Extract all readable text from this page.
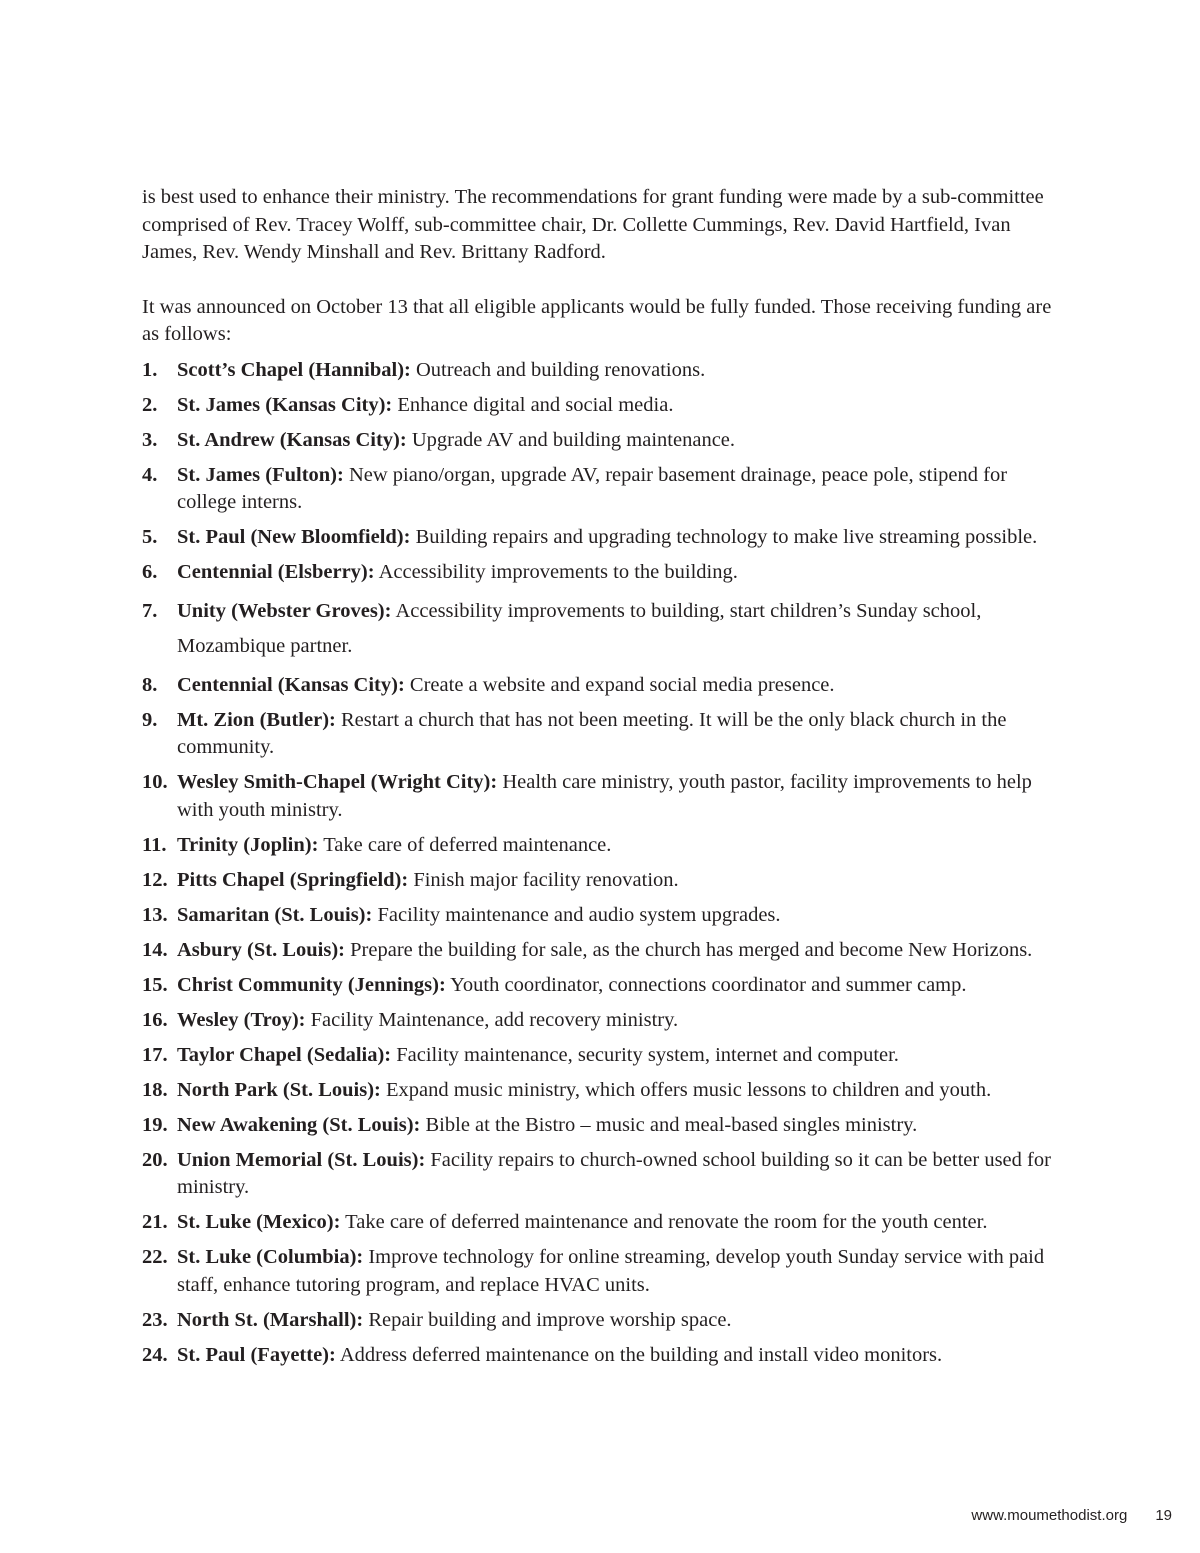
is best used to enhance their ministry. The recommendations for grant funding were made by a sub-committee comprised of Rev. Tracey Wolff, sub-committee chair, Dr. Collette Cummings, Rev. David Hartfield, Ivan James, Rev. Wendy Minshall and Rev. Brittany Radford.

It was announced on October 13 that all eligible applicants would be fully funded. Those receiving funding are as follows:

1. Scott’s Chapel (Hannibal): Outreach and building renovations.
2. St. James (Kansas City): Enhance digital and social media.
3. St. Andrew (Kansas City): Upgrade AV and building maintenance.
4. St. James (Fulton): New piano/organ, upgrade AV, repair basement drainage, peace pole, stipend for college interns.
5. St. Paul (New Bloomfield): Building repairs and upgrading technology to make live streaming possible.
6. Centennial (Elsberry): Accessibility improvements to the building.
7. Unity (Webster Groves): Accessibility improvements to building, start children’s Sunday school, Mozambique partner.
8. Centennial (Kansas City): Create a website and expand social media presence.
9. Mt. Zion (Butler): Restart a church that has not been meeting. It will be the only black church in the community.
10. Wesley Smith-Chapel (Wright City): Health care ministry, youth pastor, facility improvements to help with youth ministry.
11. Trinity (Joplin): Take care of deferred maintenance.
12. Pitts Chapel (Springfield): Finish major facility renovation.
13. Samaritan (St. Louis): Facility maintenance and audio system upgrades.
14. Asbury (St. Louis): Prepare the building for sale, as the church has merged and become New Horizons.
15. Christ Community (Jennings): Youth coordinator, connections coordinator and summer camp.
16. Wesley (Troy): Facility Maintenance, add recovery ministry.
17. Taylor Chapel (Sedalia): Facility maintenance, security system, internet and computer.
18. North Park (St. Louis): Expand music ministry, which offers music lessons to children and youth.
19. New Awakening (St. Louis): Bible at the Bistro – music and meal-based singles ministry.
20. Union Memorial (St. Louis): Facility repairs to church-owned school building so it can be better used for ministry.
21. St. Luke (Mexico): Take care of deferred maintenance and renovate the room for the youth center.
22. St. Luke (Columbia): Improve technology for online streaming, develop youth Sunday service with paid staff, enhance tutoring program, and replace HVAC units.
23. North St. (Marshall): Repair building and improve worship space.
24. St. Paul (Fayette): Address deferred maintenance on the building and install video monitors.
www.moumethodist.org 19
